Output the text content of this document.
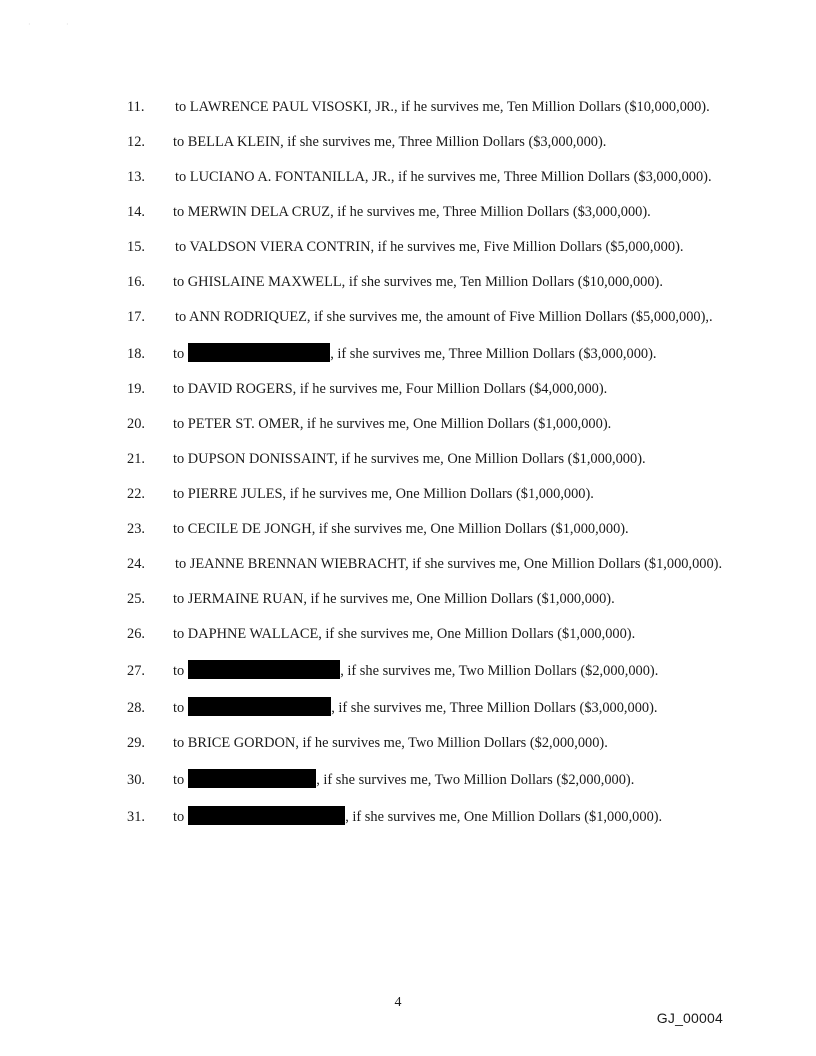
·	·

11. to LAWRENCE PAUL VISOSKI, JR., if he survives me, Ten Million Dollars ($10,000,000).

12. to BELLA KLEIN, if she survives me, Three Million Dollars ($3,000,000).

13. to LUCIANO A. FONTANILLA, JR., if he survives me, Three Million Dollars ($3,000,000).

14. to MERWIN DELA CRUZ, if he survives me, Three Million Dollars ($3,000,000).

15. to VALDSON VIERA CONTRIN, if he survives me, Five Million Dollars ($5,000,000).

16. to GHISLAINE MAXWELL, if she survives me, Ten Million Dollars ($10,000,000).

17. to ANN RODRIQUEZ, if she survives me, the amount of Five Million Dollars ($5,000,000),.

18. to	, if she survives me, Three Million Dollars ($3,000,000).

19. to DAVID ROGERS, if he survives me, Four Million Dollars ($4,000,000).

20. to PETER ST. OMER, if he survives me, One Million Dollars ($1,000,000).

21. to DUPSON DONISSAINT, if he survives me, One Million Dollars ($1,000,000).

22. to PIERRE JULES, if he survives me, One Million Dollars ($1,000,000).

23. to CECILE DE JONGH, if she survives me, One Million Dollars ($1,000,000).

24. to JEANNE BRENNAN WIEBRACHT, if she survives me, One Million Dollars ($1,000,000).

25. to JERMAINE RUAN, if he survives me, One Million Dollars ($1,000,000).

26. to DAPHNE WALLACE, if she survives me, One Million Dollars ($1,000,000).

27. to	, if she survives me, Two Million Dollars ($2,000,000).

28. to	, if she survives me, Three Million Dollars ($3,000,000).

29. to BRICE GORDON, if he survives me, Two Million Dollars ($2,000,000).

30. to	, if she survives me, Two Million Dollars ($2,000,000).

31. to	, if she survives me, One Million Dollars ($1,000,000).

4
GJ_00004
